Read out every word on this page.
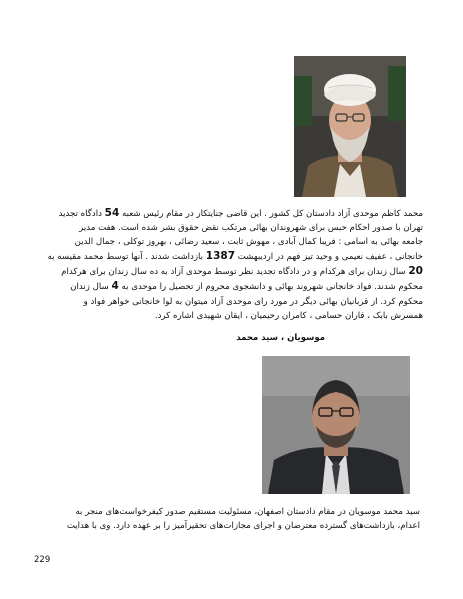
محمد کاظم موحدی آزاد دادستان کل کشور . این قاضی جنایتکار در مقام رئیس شعبه 54 دادگاه تجدید
تهران با صدور احکام حبس برای شهروندان بهائی مرتکب نقض حقوق بشر شده است. هفت مدیر
جامعه بهائی به اسامی : فریبا کمال آبادی ، مهوش ثابت ، سعید رضائی ، بهروز توکلی ، جمال الدین
خانجانی ، عفیف نعیمی و وحید تیز فهم در اردیبهشت 1387 بازداشت شدند . آنها توسط محمد مقیسه به
20 سال زندان برای هرکدام و در دادگاه تجدید نظر توسط موحدی آزاد به ده سال زندان برای هرکدام
محکوم شدند. فواد خانجانی شهروند بهائی و دانشجوی محروم از تحصیل را موحدی به 4 سال زندان
محکوم کرد. از قربانیان بهائی دیگر در مورد رای موحدی آزاد میتوان به لوا خانجانی خواهر فواد و
همسرش بابک ، قاران حسامی ، کامران رحیمیان ، ایقان شهیدی اشاره کرد.
موسویان ، سید محمد
سید محمد موسویان در مقام دادستان اصفهان، مسئولیت مستقیم صدور کیفرخواست‌های منجر به
اعدام، بازداشت‌های گسترده معترضان و اجرای مجازات‌های تحقیرآمیز را بر عهده دارد. وی با هدایت
229
